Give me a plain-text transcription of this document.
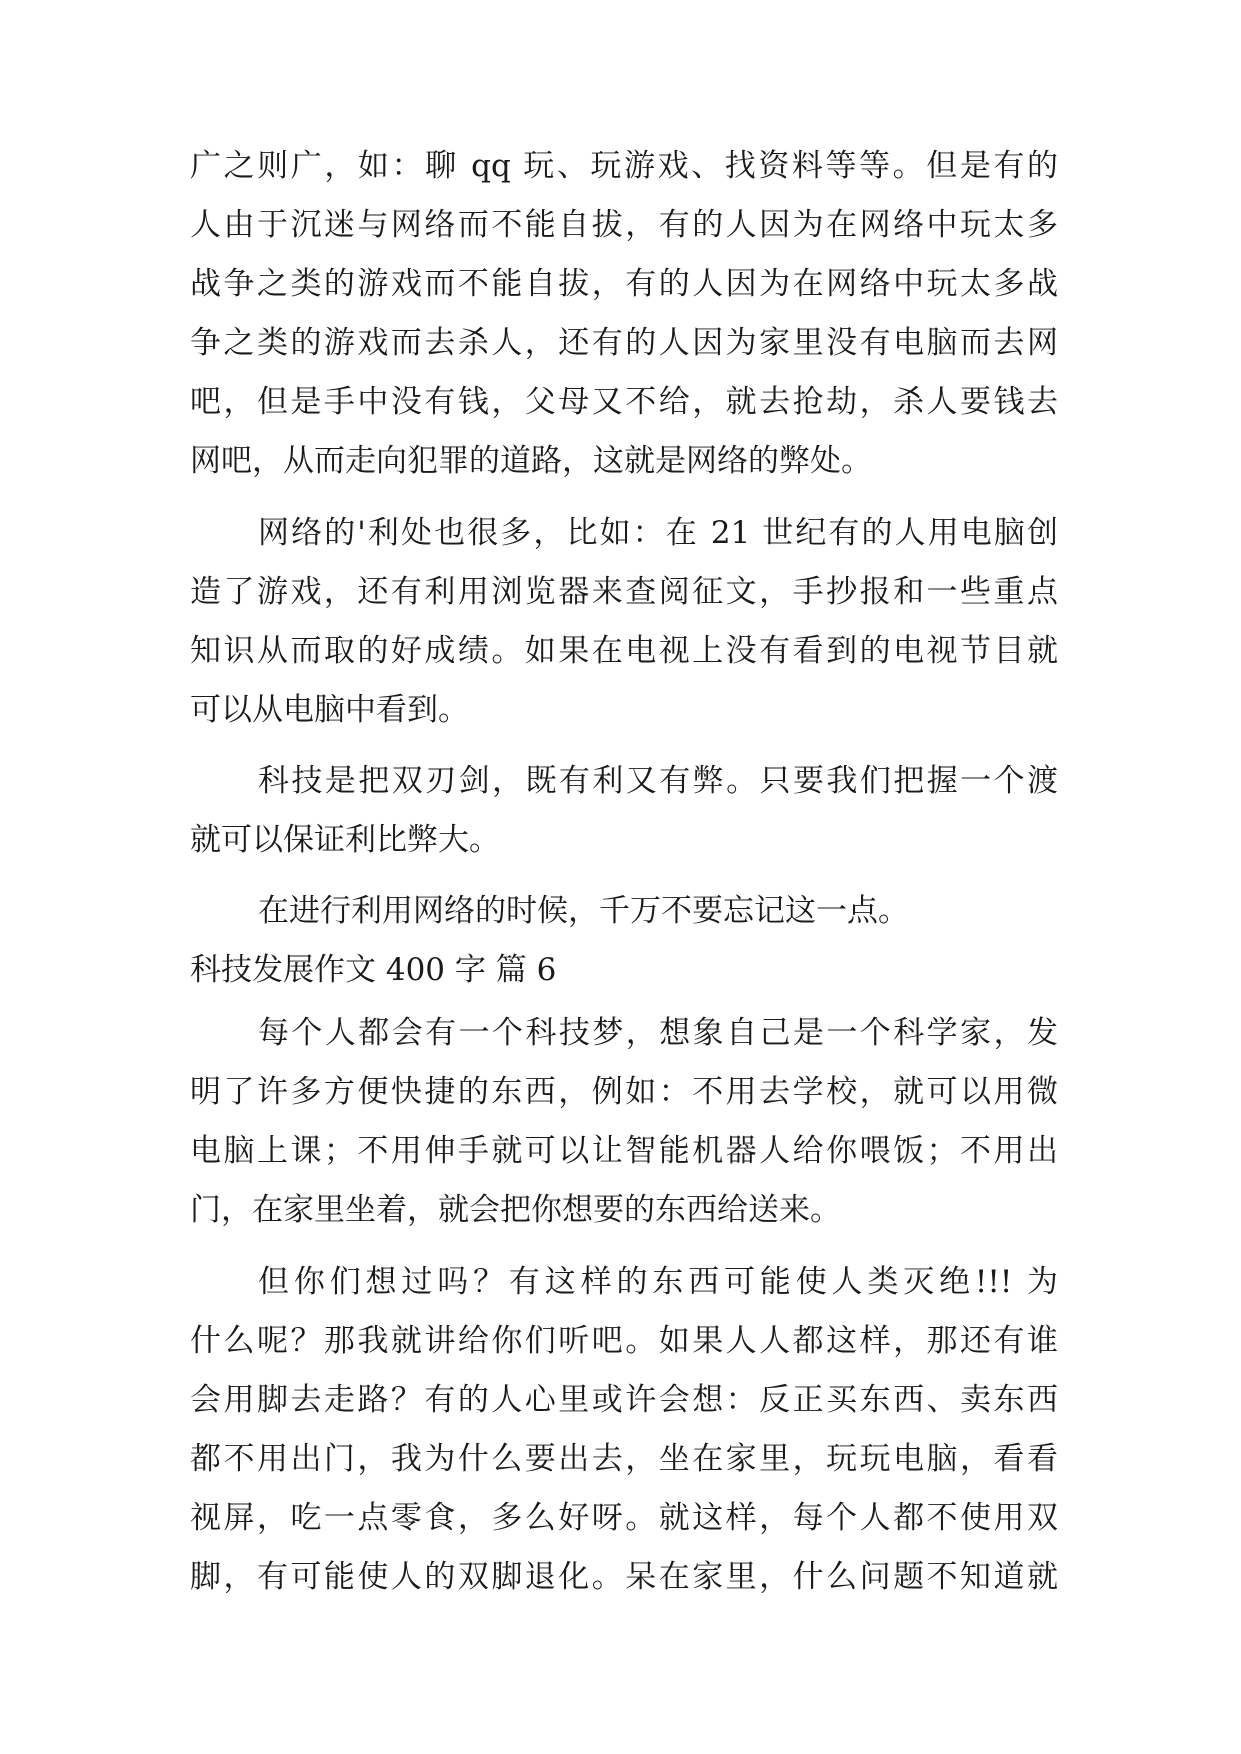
广之则广，如：聊 qq 玩、玩游戏、找资料等等。但是有的
人由于沉迷与网络而不能自拔，有的人因为在网络中玩太多
战争之类的游戏而不能自拔，有的人因为在网络中玩太多战
争之类的游戏而去杀人，还有的人因为家里没有电脑而去网
吧，但是手中没有钱，父母又不给，就去抢劫，杀人要钱去
网吧，从而走向犯罪的道路，这就是网络的弊处。
网络的'利处也很多，比如：在 21 世纪有的人用电脑创
造了游戏，还有利用浏览器来查阅征文，手抄报和一些重点
知识从而取的好成绩。如果在电视上没有看到的电视节目就
可以从电脑中看到。
科技是把双刃剑，既有利又有弊。只要我们把握一个渡
就可以保证利比弊大。
在进行利用网络的时候，千万不要忘记这一点。
科技发展作文 400 字 篇 6
每个人都会有一个科技梦，想象自己是一个科学家，发
明了许多方便快捷的东西，例如：不用去学校，就可以用微
电脑上课；不用伸手就可以让智能机器人给你喂饭；不用出
门，在家里坐着，就会把你想要的东西给送来。
但你们想过吗？有这样的东西可能使人类灭绝!!! 为
什么呢？那我就讲给你们听吧。如果人人都这样，那还有谁
会用脚去走路？有的人心里或许会想：反正买东西、卖东西
都不用出门，我为什么要出去，坐在家里，玩玩电脑，看看
视屏，吃一点零食，多么好呀。就这样，每个人都不使用双
脚，有可能使人的双脚退化。呆在家里，什么问题不知道就
